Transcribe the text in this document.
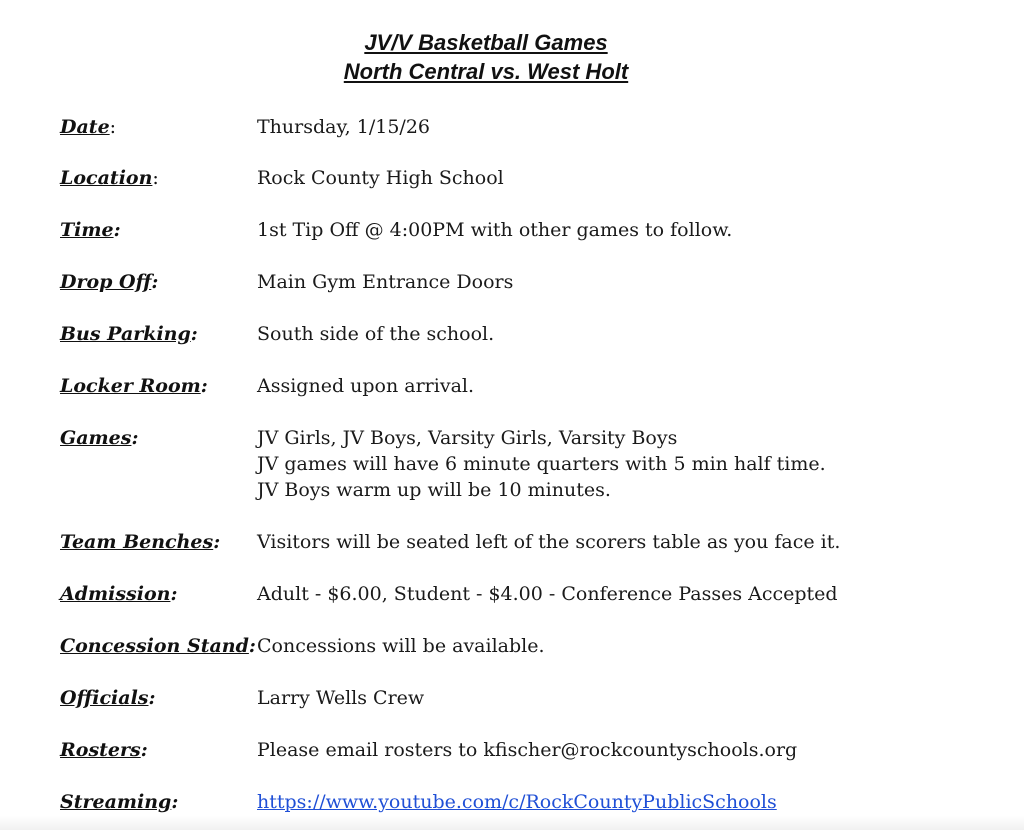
JV/V Basketball Games
North Central vs. West Holt
Date:	Thursday, 1/15/26
Location:	Rock County High School
Time:	1st Tip Off @ 4:00PM with other games to follow.
Drop Off:	Main Gym Entrance Doors
Bus Parking:	South side of the school.
Locker Room:	Assigned upon arrival.
Games:	JV Girls, JV Boys, Varsity Girls, Varsity Boys
JV games will have 6 minute quarters with 5 min half time.
JV Boys warm up will be 10 minutes.
Team Benches: Visitors will be seated left of the scorers table as you face it.
Admission:	Adult - $6.00, Student - $4.00 - Conference Passes Accepted
Concession Stand: Concessions will be available.
Officials:	Larry Wells Crew
Rosters:	Please email rosters to kfischer@rockcountyschools.org
Streaming:	https://www.youtube.com/c/RockCountyPublicSchools
